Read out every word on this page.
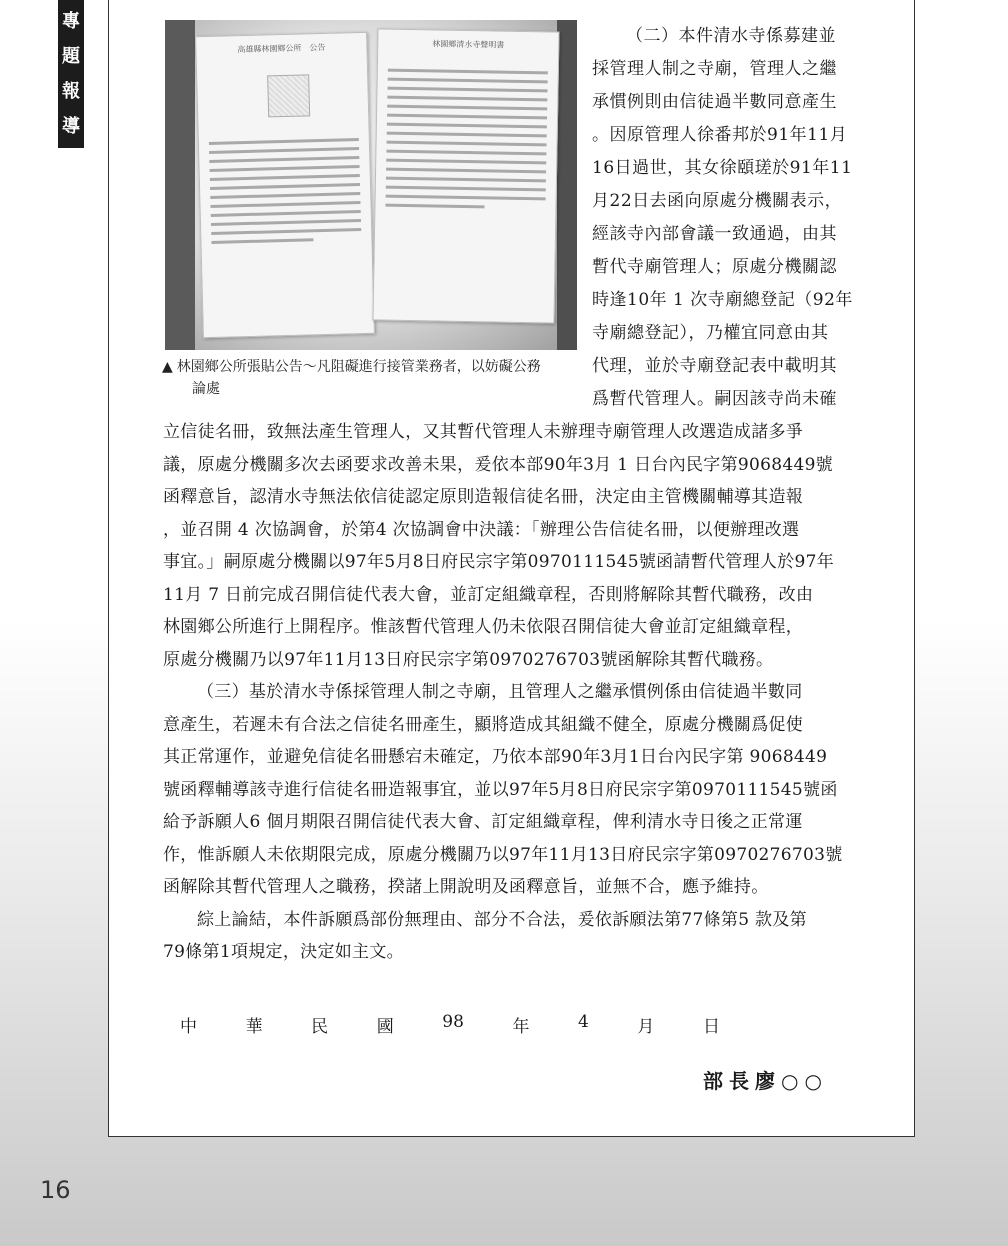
專
題
報
導
高雄縣林園鄉公所　公告	林園鄉清水寺聲明書
▲ 林園鄉公所張貼公告～凡阻礙進行接管業務者，以妨礙公務
論處
（二）本件清水寺係募建並
採管理人制之寺廟，管理人之繼
承慣例則由信徒過半數同意產生
。因原管理人徐番邦於91年11月
16日過世，其女徐頤瑳於91年11
月22日去函向原處分機關表示，
經該寺內部會議一致通過，由其
暫代寺廟管理人；原處分機關認
時逢10年 1 次寺廟總登記（92年
寺廟總登記），乃權宜同意由其
代理，並於寺廟登記表中載明其
爲暫代管理人。嗣因該寺尚未確
立信徒名冊，致無法產生管理人，又其暫代管理人未辦理寺廟管理人改選造成諸多爭
議，原處分機關多次去函要求改善未果，爰依本部90年3月 1 日台內民字第9068449號
函釋意旨，認清水寺無法依信徒認定原則造報信徒名冊，決定由主管機關輔導其造報
，並召開 4 次協調會，於第4 次協調會中決議：「辦理公告信徒名冊，以便辦理改選
事宜。」嗣原處分機關以97年5月8日府民宗字第0970111545號函請暫代管理人於97年
11月 7 日前完成召開信徒代表大會，並訂定組織章程，否則將解除其暫代職務，改由
林園鄉公所進行上開程序。惟該暫代管理人仍未依限召開信徒大會並訂定組織章程，
原處分機關乃以97年11月13日府民宗字第0970276703號函解除其暫代職務。
（三）基於清水寺係採管理人制之寺廟，且管理人之繼承慣例係由信徒過半數同
意產生，若遲未有合法之信徒名冊產生，顯將造成其組織不健全，原處分機關爲促使
其正常運作，並避免信徒名冊懸宕未確定，乃依本部90年3月1日台內民字第 9068449
號函釋輔導該寺進行信徒名冊造報事宜，並以97年5月8日府民宗字第0970111545號函
給予訴願人6 個月期限召開信徒代表大會、訂定組織章程，俾利清水寺日後之正常運
作，惟訴願人未依期限完成，原處分機關乃以97年11月13日府民宗字第0970276703號
函解除其暫代管理人之職務，揆諸上開說明及函釋意旨，並無不合，應予維持。
綜上論結，本件訴願爲部份無理由、部分不合法，爰依訴願法第77條第5 款及第
79條第1項規定，決定如主文。
中	華	民	國	98	年	4	月	日
部長廖○○
16
